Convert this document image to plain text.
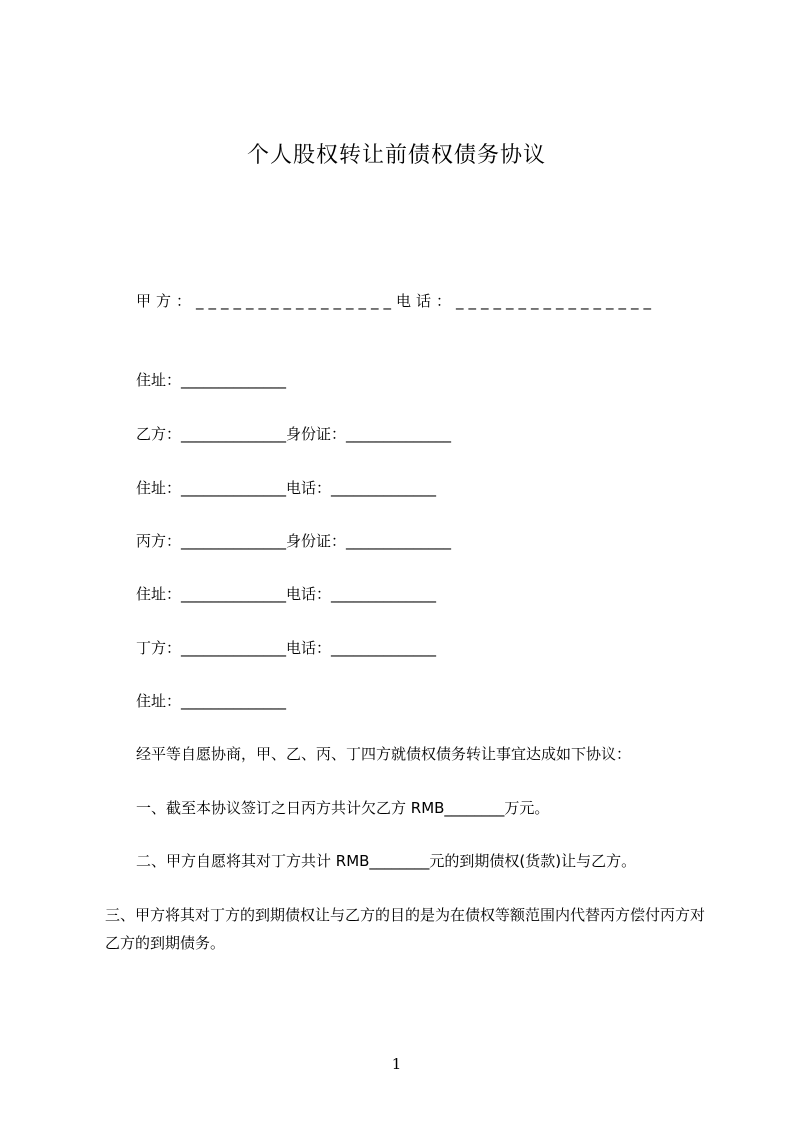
个人股权转让前债权债务协议
甲方：________________电话：________________
住址：______________
乙方：______________身份证：______________
住址：______________电话：______________
丙方：______________身份证：______________
住址：______________电话：______________
丁方：______________电话：______________
住址：______________
经平等自愿协商，甲、乙、丙、丁四方就债权债务转让事宜达成如下协议：
一、截至本协议签订之日丙方共计欠乙方 RMB________万元。
二、甲方自愿将其对丁方共计 RMB________元的到期债权(货款)让与乙方。
三、甲方将其对丁方的到期债权让与乙方的目的是为在债权等额范围内代替丙方偿付丙方对乙方的到期债务。
1
